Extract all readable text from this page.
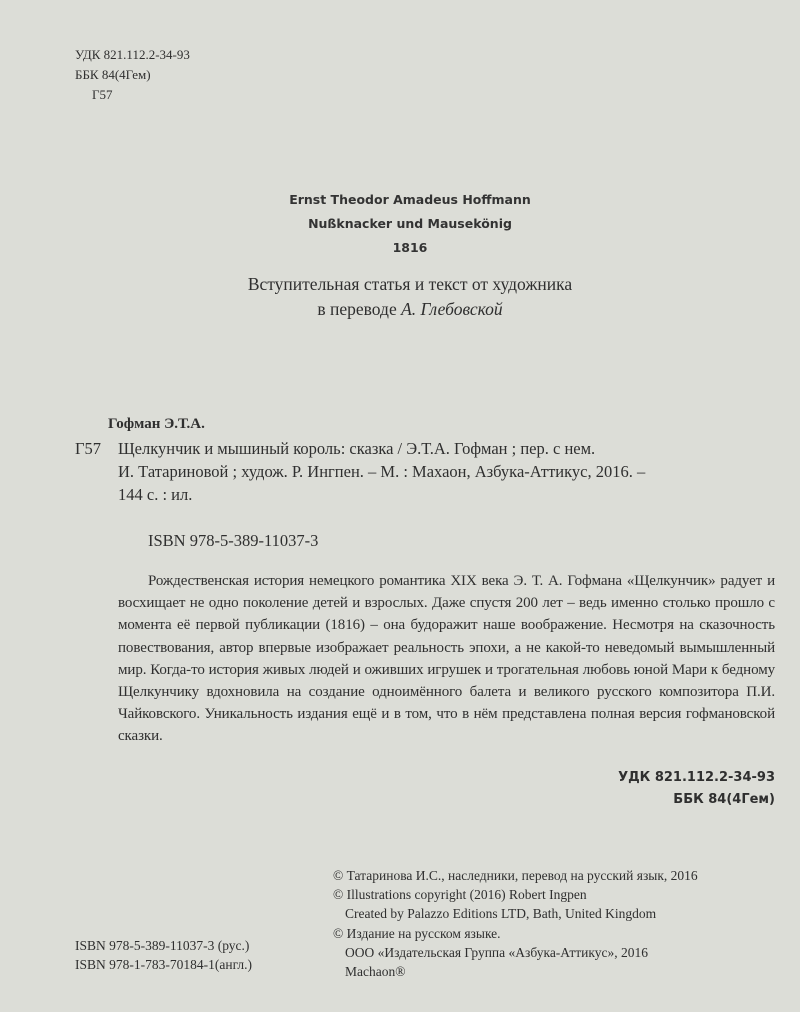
УДК 821.112.2-34-93
ББК 84(4Гем)
Г57
Ernst Theodor Amadeus Hoffmann
Nußknacker und Mausekönig
1816
Вступительная статья и текст от художника
в переводе А. Глебовской
Гофман Э.Т.А.
Г57 Щелкунчик и мышиный король: сказка / Э.Т.А. Гофман ; пер. с нем.
И. Татариновой ; худож. Р. Ингпен. – М. : Махаон, Азбука-Аттикус, 2016. –
144 с. : ил.
ISBN 978-5-389-11037-3
Рождественская история немецкого романтика XIX века Э. Т. А. Гофмана «Щелкунчик» радует и восхищает не одно поколение детей и взрослых. Даже спустя 200 лет – ведь именно столько прошло с момента её первой публикации (1816) – она будоражит наше воображение. Несмотря на сказочность повествования, автор впервые изображает реальность эпохи, а не какой-то неведомый вымышленный мир. Когда-то история живых людей и оживших игрушек и трогательная любовь юной Мари к бедному Щелкунчику вдохновила на создание одноимённого балета и великого русского композитора П.И. Чайковского. Уникальность издания ещё и в том, что в нём представлена полная версия гофмановской сказки.
УДК 821.112.2-34-93
ББК 84(4Гем)
© Татаринова И.С., наследники, перевод на русский язык, 2016
© Illustrations copyright (2016) Robert Ingpen
Created by Palazzo Editions LTD, Bath, United Kingdom
© Издание на русском языке.
ООО «Издательская Группа «Азбука-Аттикус», 2016
Machaon®
ISBN 978-5-389-11037-3 (рус.)
ISBN 978-1-783-70184-1(англ.)
